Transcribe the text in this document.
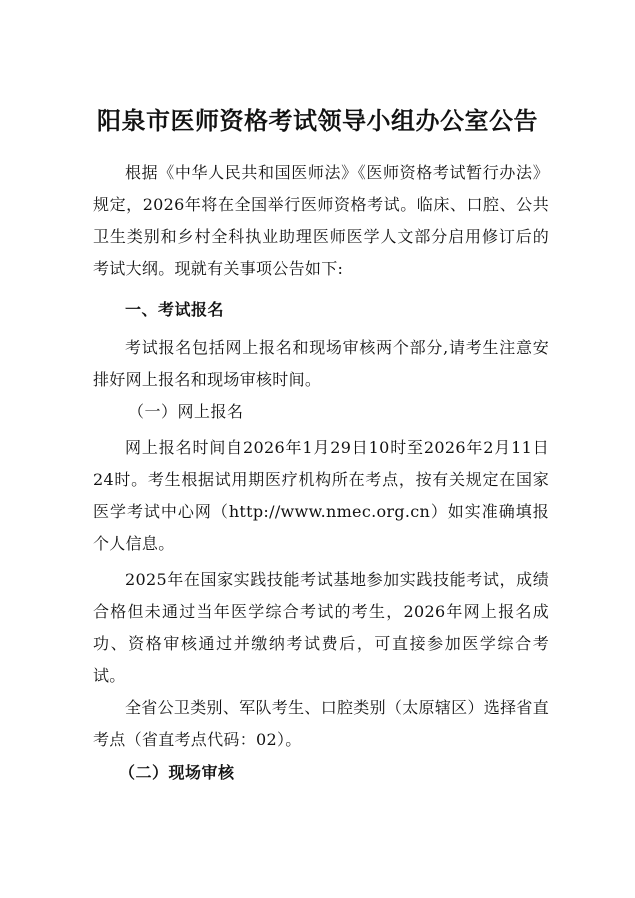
阳泉市医师资格考试领导小组办公室公告
根据《中华人民共和国医师法》《医师资格考试暂行办法》规定，2026年将在全国举行医师资格考试。临床、口腔、公共卫生类别和乡村全科执业助理医师医学人文部分启用修订后的考试大纲。现就有关事项公告如下:
一、考试报名
考试报名包括网上报名和现场审核两个部分,请考生注意安排好网上报名和现场审核时间。
（一）网上报名
网上报名时间自2026年1月29日10时至2026年2月11日24时。考生根据试用期医疗机构所在考点，按有关规定在国家医学考试中心网（http://www.nmec.org.cn）如实准确填报个人信息。
2025年在国家实践技能考试基地参加实践技能考试，成绩合格但未通过当年医学综合考试的考生，2026年网上报名成功、资格审核通过并缴纳考试费后，可直接参加医学综合考试。
全省公卫类别、军队考生、口腔类别（太原辖区）选择省直考点（省直考点代码：02）。
（二）现场审核
